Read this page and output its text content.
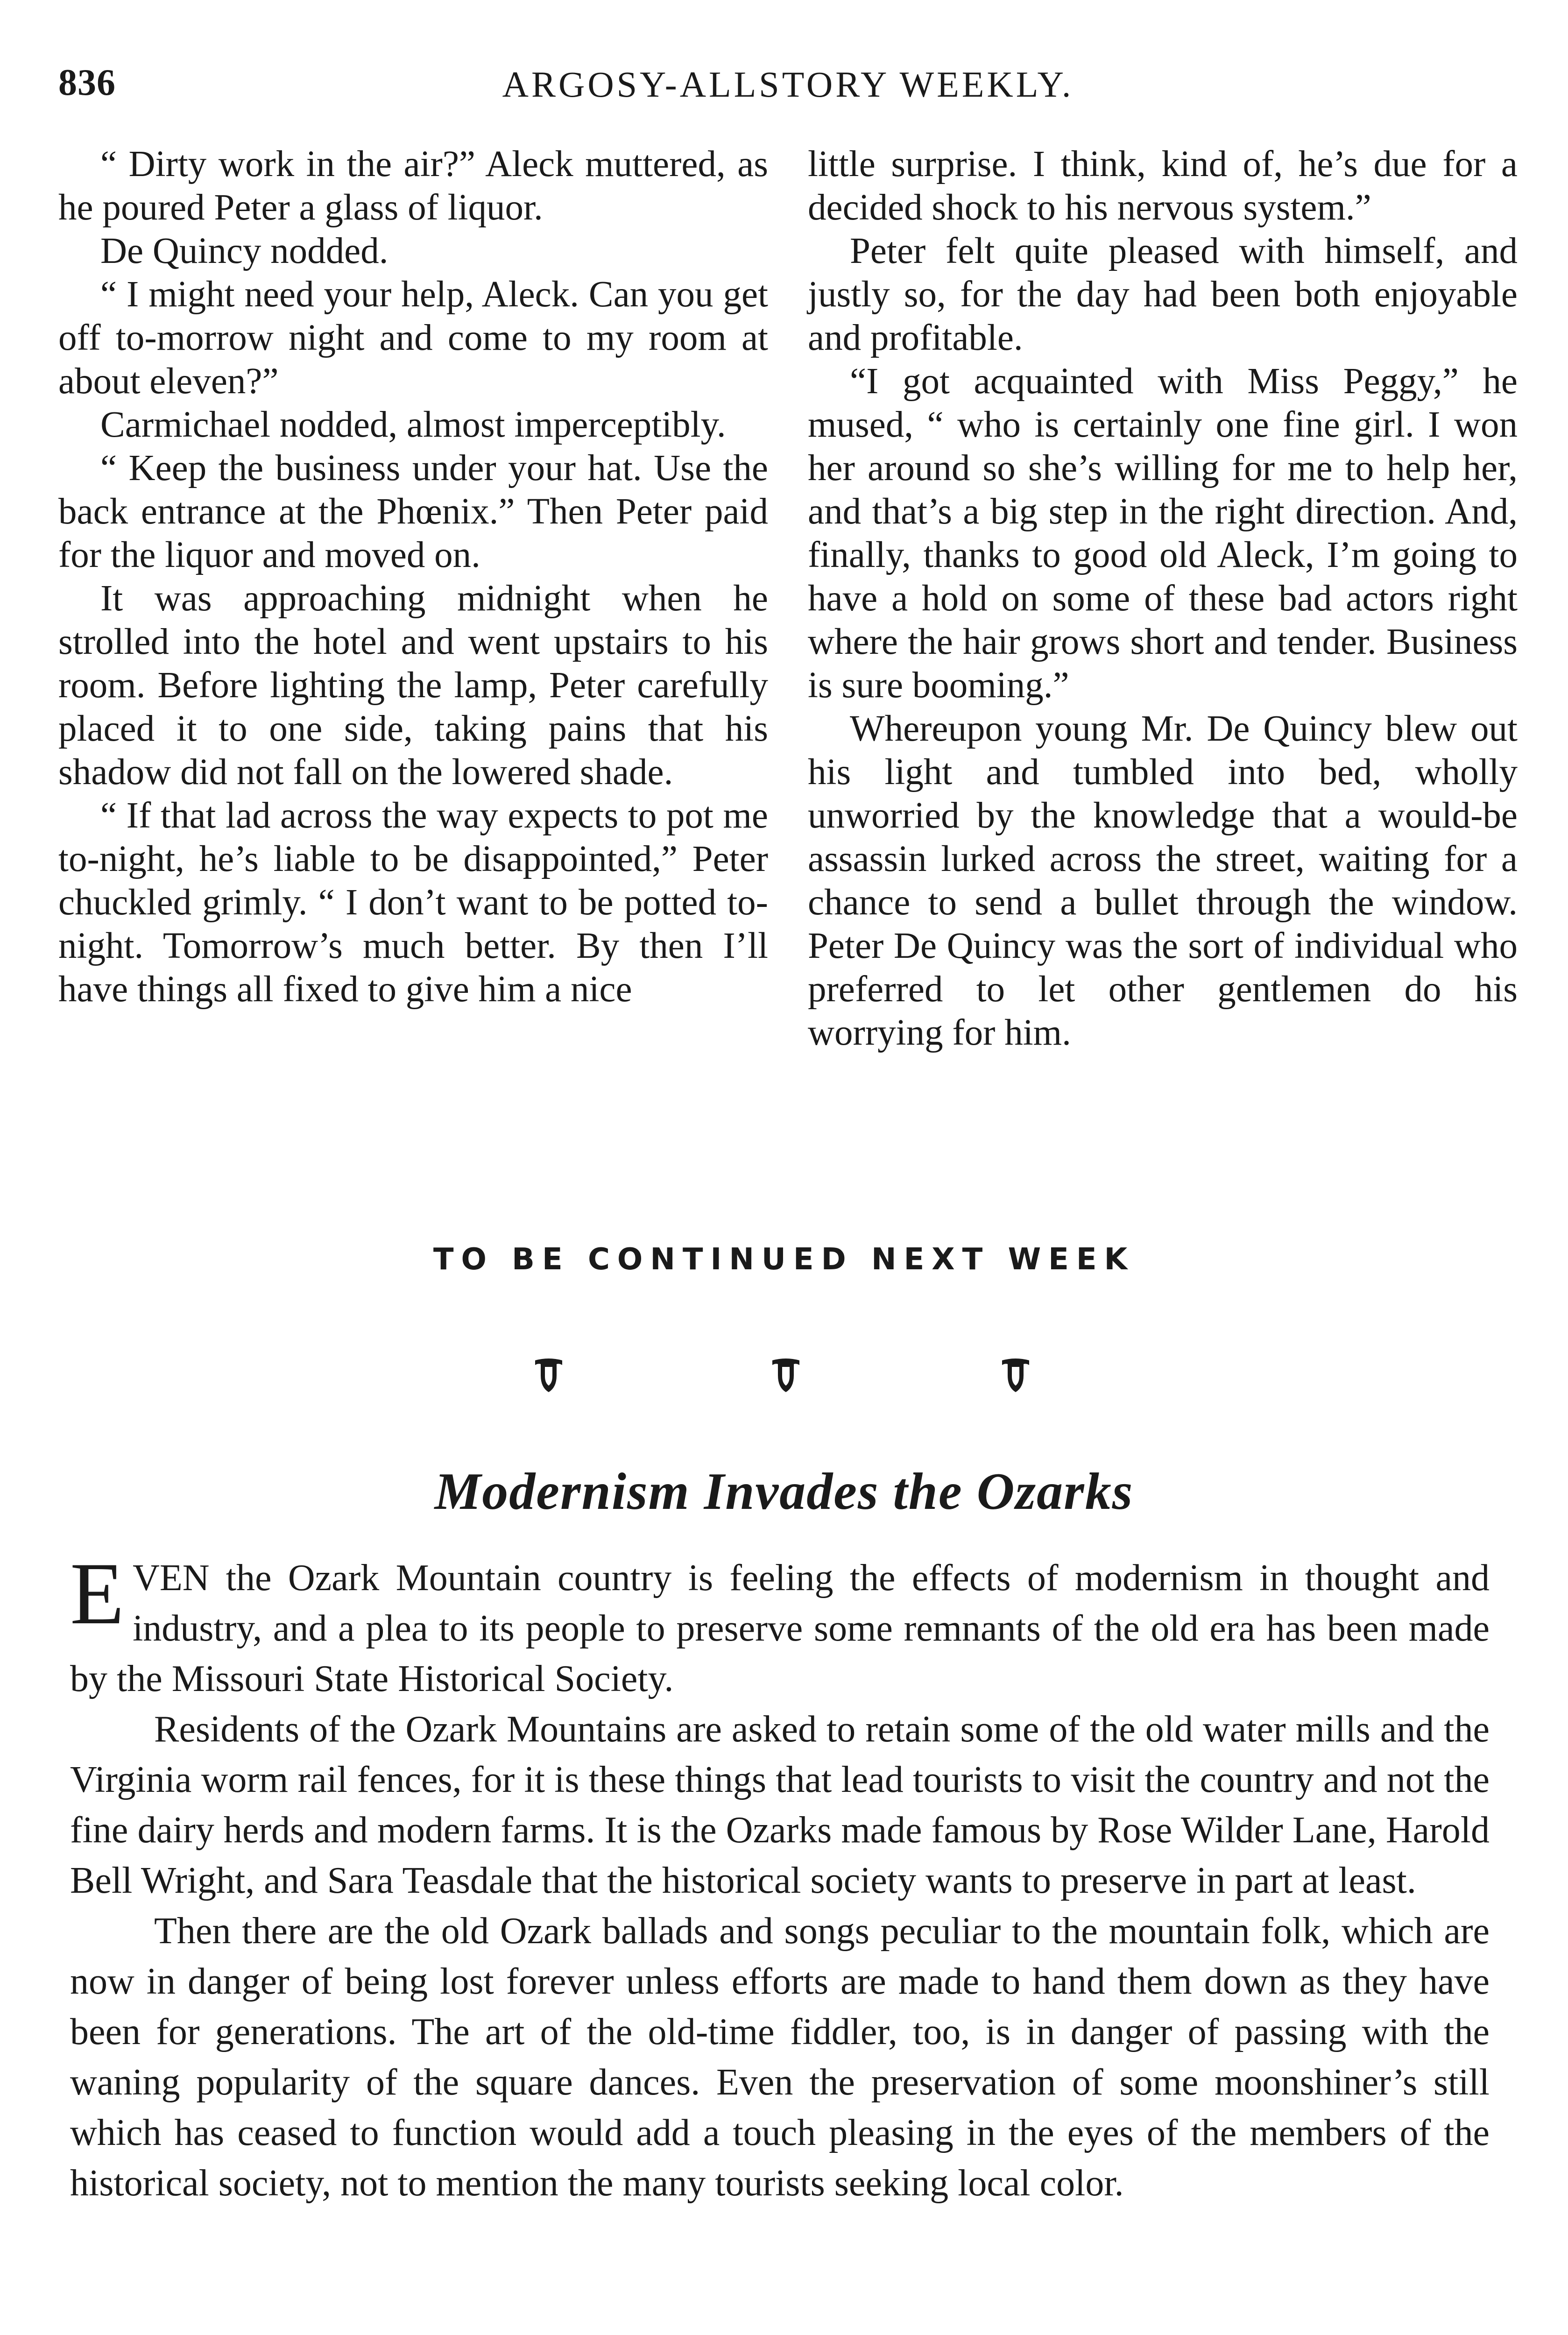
836	ARGOSY-ALLSTORY WEEKLY.

“ Dirty work in the air?” Aleck muttered, as he poured Peter a glass of liquor.

De Quincy nodded.

“ I might need your help, Aleck. Can you get off to-morrow night and come to my room at about eleven?”

Carmichael nodded, almost imperceptibly.

“ Keep the business under your hat. Use the back entrance at the Phœnix.” Then Peter paid for the liquor and moved on.

It was approaching midnight when he strolled into the hotel and went upstairs to his room. Before lighting the lamp, Peter carefully placed it to one side, taking pains that his shadow did not fall on the lowered shade.

“ If that lad across the way expects to pot me to-night, he’s liable to be disappointed,” Peter chuckled grimly. “ I don’t want to be potted to-night. Tomorrow’s much better. By then I’ll have things all fixed to give him a nice

little surprise. I think, kind of, he’s due for a decided shock to his nervous system.”

Peter felt quite pleased with himself, and justly so, for the day had been both enjoyable and profitable.

“I got acquainted with Miss Peggy,” he mused, “ who is certainly one fine girl. I won her around so she’s willing for me to help her, and that’s a big step in the right direction. And, finally, thanks to good old Aleck, I’m going to have a hold on some of these bad actors right where the hair grows short and tender. Business is sure booming.”

Whereupon young Mr. De Quincy blew out his light and tumbled into bed, wholly unworried by the knowledge that a would-be assassin lurked across the street, waiting for a chance to send a bullet through the window. Peter De Quincy was the sort of individual who preferred to let other gentlemen do his worrying for him.

TO BE CONTINUED NEXT WEEK
Modernism Invades the Ozarks

EVEN the Ozark Mountain country is feeling the effects of modernism in thought and industry, and a plea to its people to preserve some remnants of the old era has been made by the Missouri State Historical Society.

Residents of the Ozark Mountains are asked to retain some of the old water mills and the Virginia worm rail fences, for it is these things that lead tourists to visit the country and not the fine dairy herds and modern farms. It is the Ozarks made famous by Rose Wilder Lane, Harold Bell Wright, and Sara Teasdale that the historical society wants to preserve in part at least.

Then there are the old Ozark ballads and songs peculiar to the mountain folk, which are now in danger of being lost forever unless efforts are made to hand them down as they have been for generations. The art of the old-time fiddler, too, is in danger of passing with the waning popularity of the square dances. Even the preservation of some moonshiner’s still which has ceased to function would add a touch pleasing in the eyes of the members of the historical society, not to mention the many tourists seeking local color.
